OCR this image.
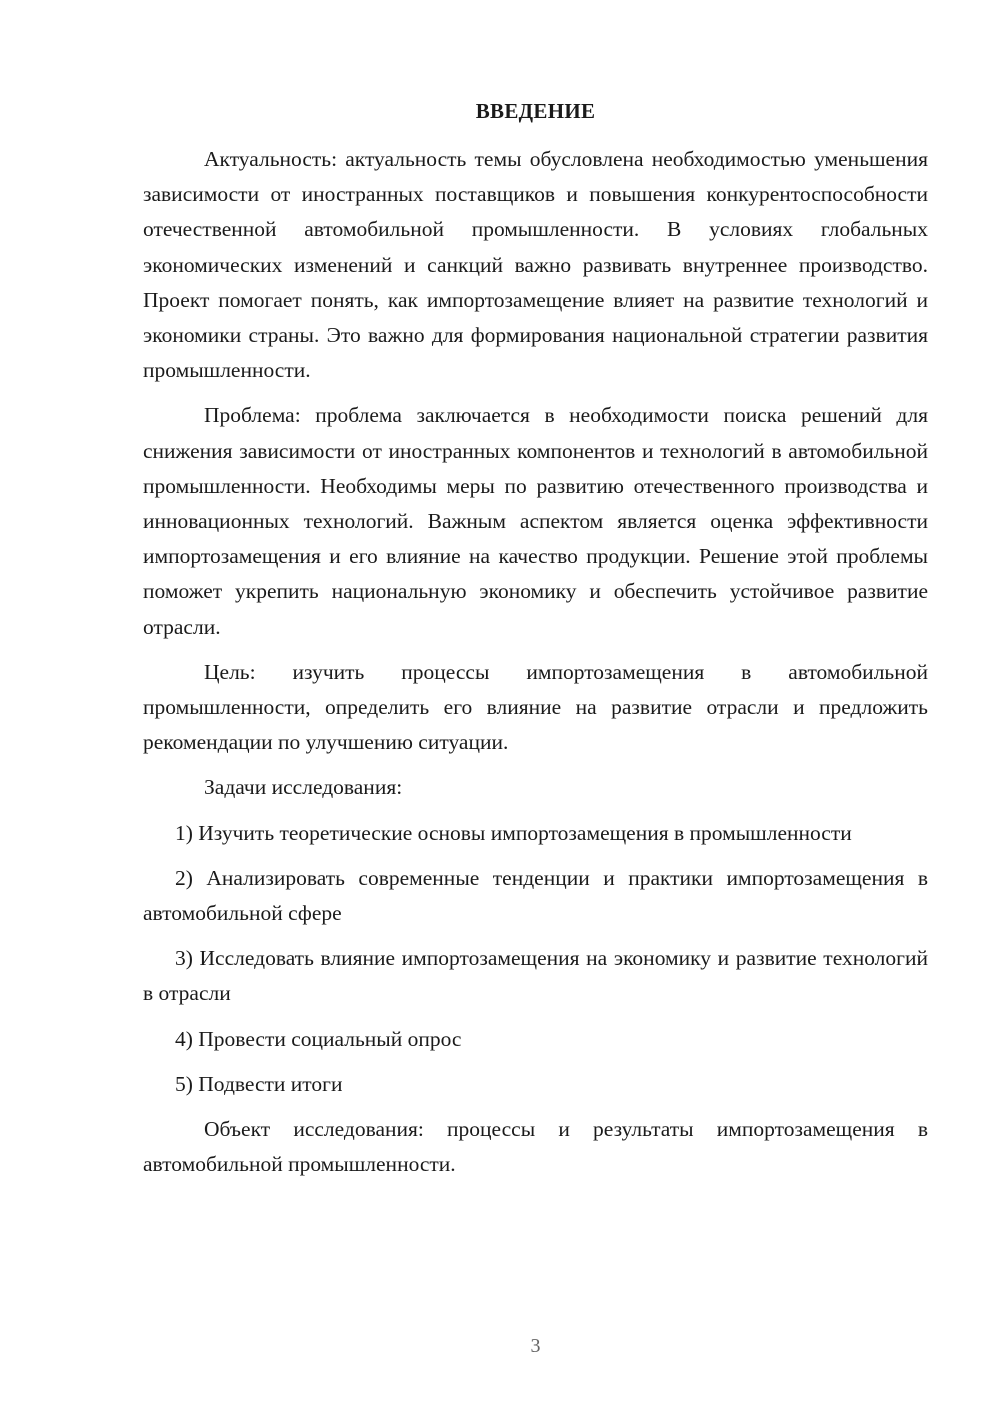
ВВЕДЕНИЕ

Актуальность: актуальность темы обусловлена необходимостью уменьшения зависимости от иностранных поставщиков и повышения конкурентоспособности отечественной автомобильной промышленности. В условиях глобальных экономических изменений и санкций важно развивать внутреннее производство. Проект помогает понять, как импортозамещение влияет на развитие технологий и экономики страны. Это важно для формирования национальной стратегии развития промышленности.

Проблема: проблема заключается в необходимости поиска решений для снижения зависимости от иностранных компонентов и технологий в автомобильной промышленности. Необходимы меры по развитию отечественного производства и инновационных технологий. Важным аспектом является оценка эффективности импортозамещения и его влияние на качество продукции. Решение этой проблемы поможет укрепить национальную экономику и обеспечить устойчивое развитие отрасли.

Цель: изучить процессы импортозамещения в автомобильной промышленности, определить его влияние на развитие отрасли и предложить рекомендации по улучшению ситуации.

Задачи исследования:

1) Изучить теоретические основы импортозамещения в промышленности

2) Анализировать современные тенденции и практики импортозамещения в автомобильной сфере

3) Исследовать влияние импортозамещения на экономику и развитие технологий в отрасли

4) Провести социальный опрос

5) Подвести итоги

Объект исследования: процессы и результаты импортозамещения в автомобильной промышленности.

3
